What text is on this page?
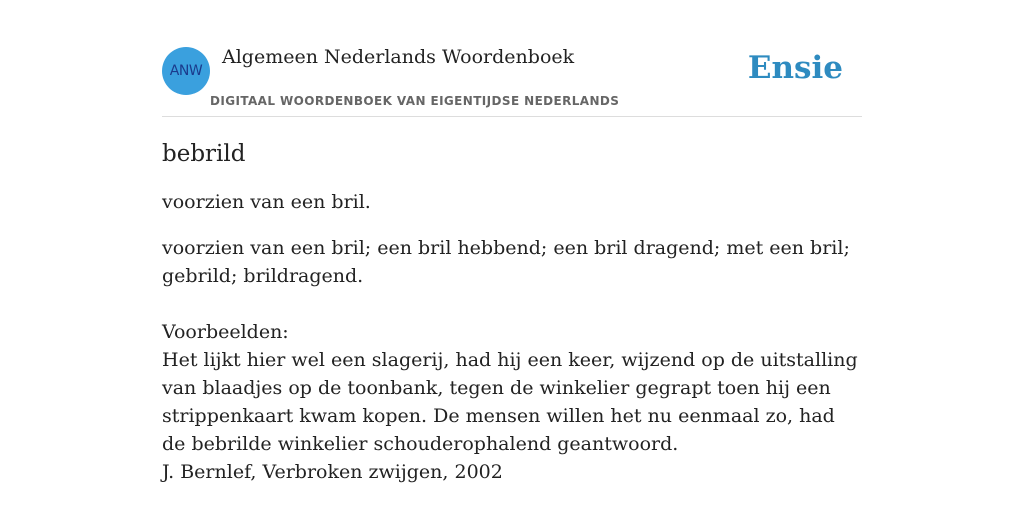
ANW
Algemeen Nederlands Woordenboek
DIGITAAL WOORDENBOEK VAN EIGENTIJDSE NEDERLANDS
Ensie
bebrild

voorzien van een bril.

voorzien van een bril; een bril hebbend; een bril dragend; met een bril; gebrild; brildragend.

Voorbeelden:

Het lijkt hier wel een slagerij, had hij een keer, wijzend op de uitstalling van blaadjes op de toonbank, tegen de winkelier gegrapt toen hij een strippenkaart kwam kopen. De mensen willen het nu eenmaal zo, had de bebrilde winkelier schouderophalend geantwoord.

J. Bernlef, Verbroken zwijgen, 2002
